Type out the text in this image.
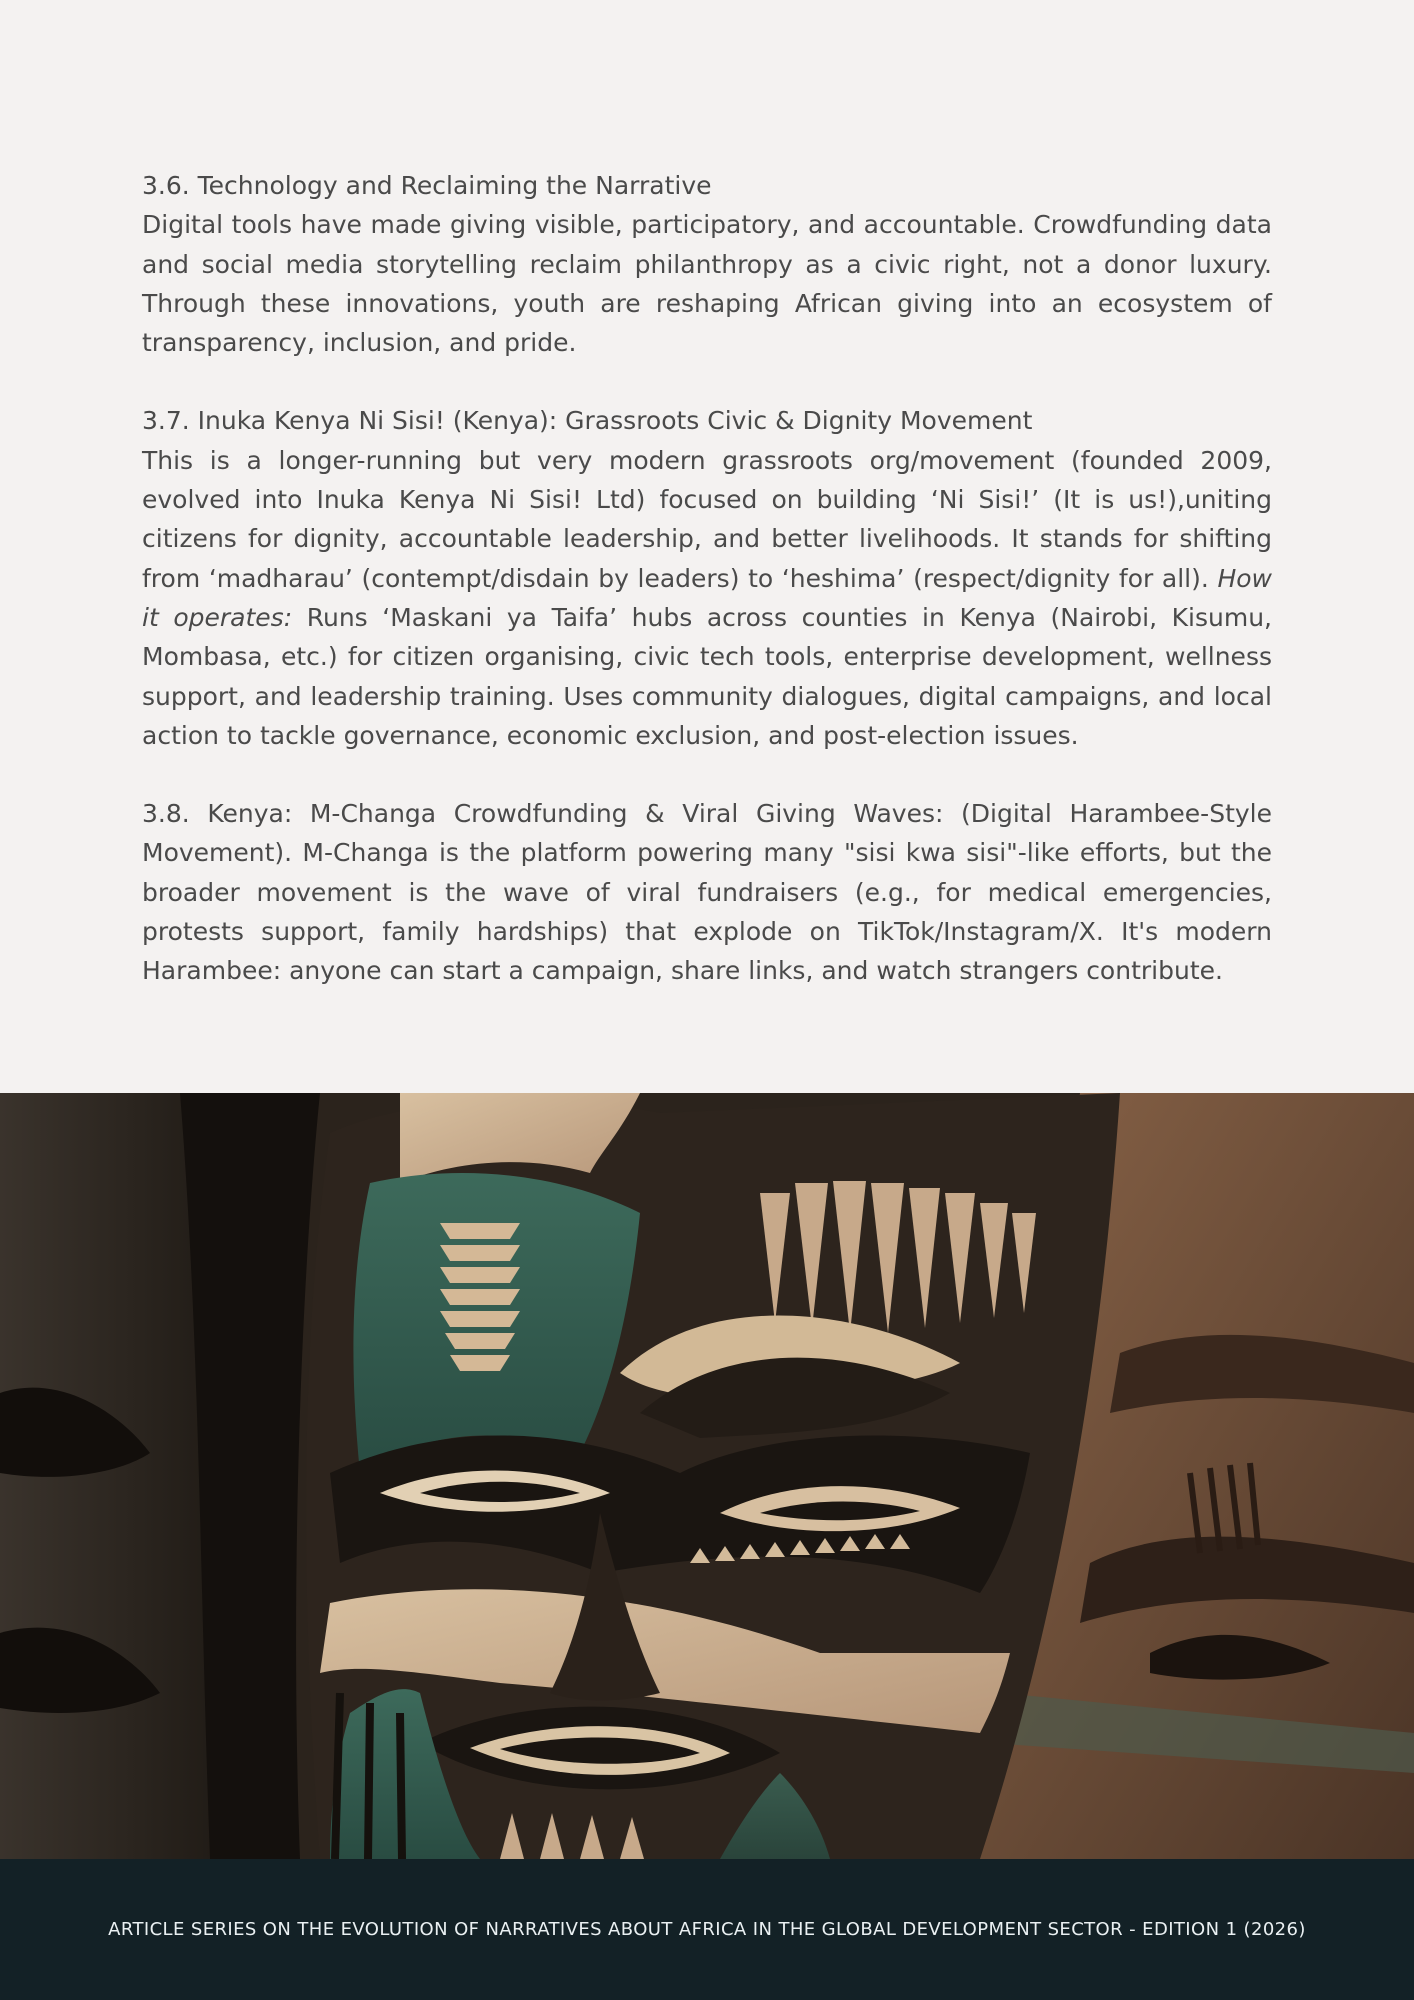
3.6. Technology and Reclaiming the Narrative

Digital tools have made giving visible, participatory, and accountable. Crowdfunding data and social media storytelling reclaim philanthropy as a civic right, not a donor luxury. Through these innovations, youth are reshaping African giving into an ecosystem of transparency, inclusion, and pride.

3.7. Inuka Kenya Ni Sisi! (Kenya): Grassroots Civic & Dignity Movement

This is a longer-running but very modern grassroots org/movement (founded 2009, evolved into Inuka Kenya Ni Sisi! Ltd) focused on building ‘Ni Sisi!’ (It is us!),uniting citizens for dignity, accountable leadership, and better livelihoods. It stands for shifting from ‘madharau’ (contempt/disdain by leaders) to ‘heshima’ (respect/dignity for all). How it operates: Runs ‘Maskani ya Taifa’ hubs across counties in Kenya (Nairobi, Kisumu, Mombasa, etc.) for citizen organising, civic tech tools, enterprise development, wellness support, and leadership training. Uses community dialogues, digital campaigns, and local action to tackle governance, economic exclusion, and post-election issues.

3.8. Kenya: M-Changa Crowdfunding & Viral Giving Waves: (Digital Harambee-Style Movement). M-Changa is the platform powering many "sisi kwa sisi"-like efforts, but the broader movement is the wave of viral fundraisers (e.g., for medical emergencies, protests support, family hardships) that explode on TikTok/Instagram/X. It's modern Harambee: anyone can start a campaign, share links, and watch strangers contribute.

ARTICLE SERIES ON THE EVOLUTION OF NARRATIVES ABOUT AFRICA IN THE GLOBAL DEVELOPMENT SECTOR - EDITION 1 (2026)
